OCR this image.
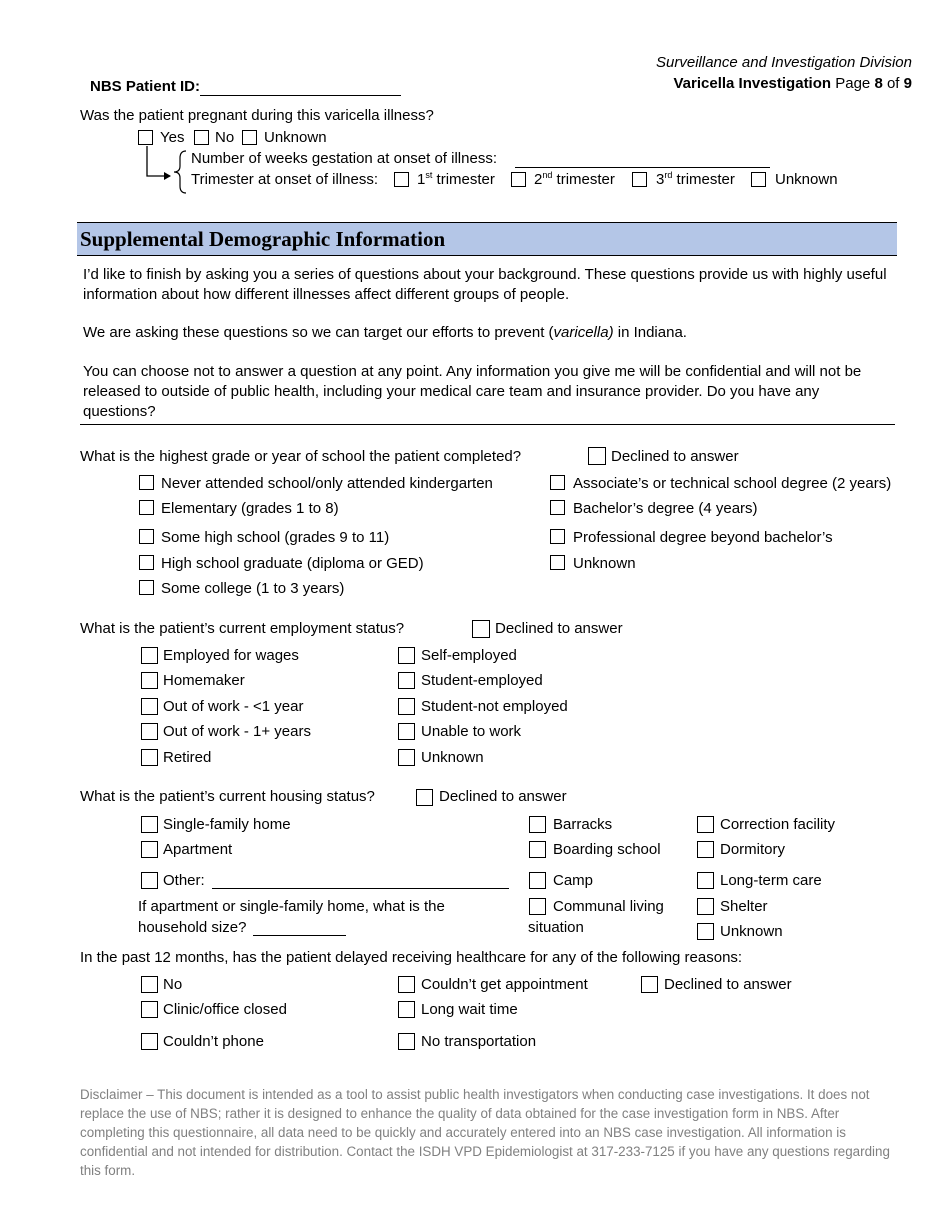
Surveillance and Investigation Division
Varicella Investigation Page 8 of 9
NBS Patient ID:
Was the patient pregnant during this varicella illness?
Yes No Unknown
Number of weeks gestation at onset of illness:
Trimester at onset of illness:	1st trimester	2nd trimester	3rd trimester	Unknown
Supplemental Demographic Information
I’d like to finish by asking you a series of questions about your background. These questions provide us with highly useful information about how different illnesses affect different groups of people.
We are asking these questions so we can target our efforts to prevent (varicella) in Indiana.
You can choose not to answer a question at any point. Any information you give me will be confidential and will not be released to outside of public health, including your medical care team and insurance provider. Do you have any questions?
What is the highest grade or year of school the patient completed?	Declined to answer
Never attended school/only attended kindergarten
Elementary (grades 1 to 8)
Some high school (grades 9 to 11)
High school graduate (diploma or GED)
Some college (1 to 3 years)
Associate’s or technical school degree (2 years)
Bachelor’s degree (4 years)
Professional degree beyond bachelor’s
Unknown
What is the patient’s current employment status?	Declined to answer
Employed for wages
Homemaker
Out of work - <1 year
Out of work - 1+ years
Retired
Self-employed
Student-employed
Student-not employed
Unable to work
Unknown
What is the patient’s current housing status?	Declined to answer
Single-family home
Apartment
Other:
If apartment or single-family home, what is the
household size?
Barracks
Boarding school
Camp
Communal living
situation
Correction facility
Dormitory
Long-term care
Shelter
Unknown
In the past 12 months, has the patient delayed receiving healthcare for any of the following reasons:
No
Clinic/office closed
Couldn’t phone
Couldn’t get appointment
Long wait time
No transportation
Declined to answer
Disclaimer – This document is intended as a tool to assist public health investigators when conducting case investigations. It does not replace the use of NBS; rather it is designed to enhance the quality of data obtained for the case investigation form in NBS. After completing this questionnaire, all data need to be quickly and accurately entered into an NBS case investigation. All information is confidential and not intended for distribution. Contact the ISDH VPD Epidemiologist at 317-233-7125 if you have any questions regarding this form.
